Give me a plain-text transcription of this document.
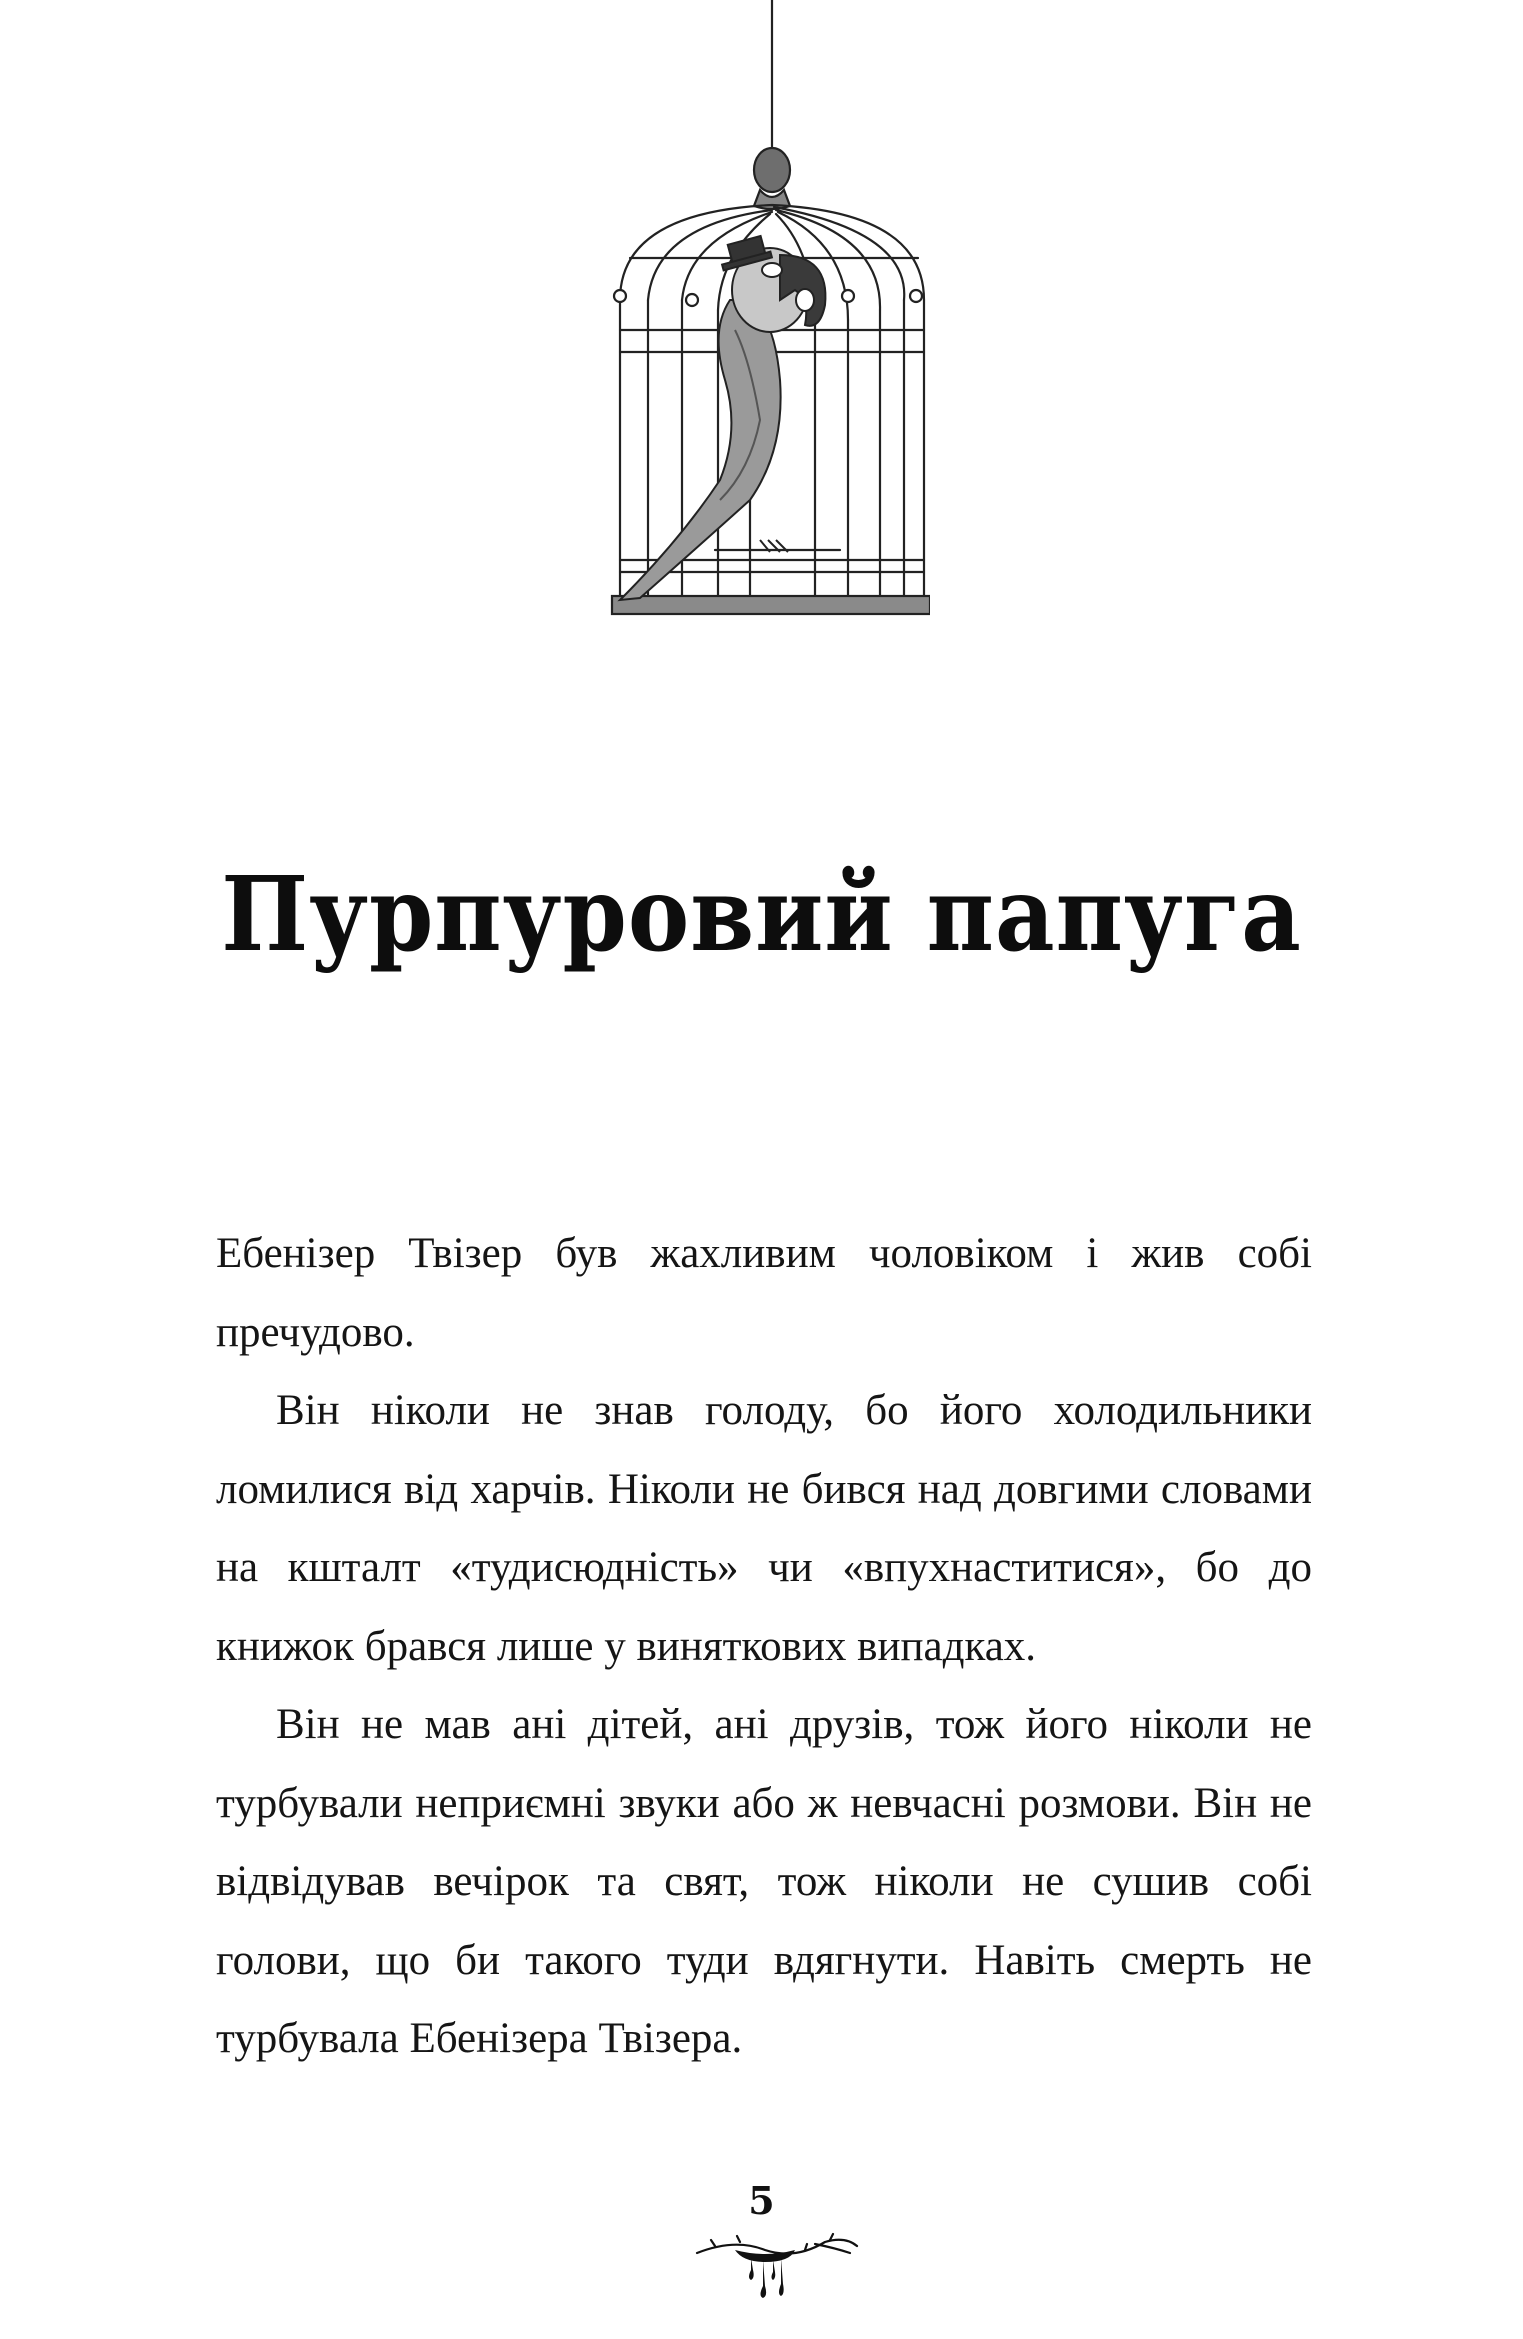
Пурпуровий папуга

Ебенізер Твізер був жахливим чоловіком і жив собі пречудово.

Він ніколи не знав голоду, бо його холодильники ломилися від харчів. Ніколи не бився над довгими словами на кшталт «тудисюдність» чи «впухнаститися», бо до книжок брався лише у виняткових випадках.

Він не мав ані дітей, ані друзів, тож його ніколи не турбували неприємні звуки або ж невчасні розмови. Він не відвідував вечірок та свят, тож ніколи не сушив собі голови, що би такого туди вдягнути. Навіть смерть не турбувала Ебенізера Твізера.

5
